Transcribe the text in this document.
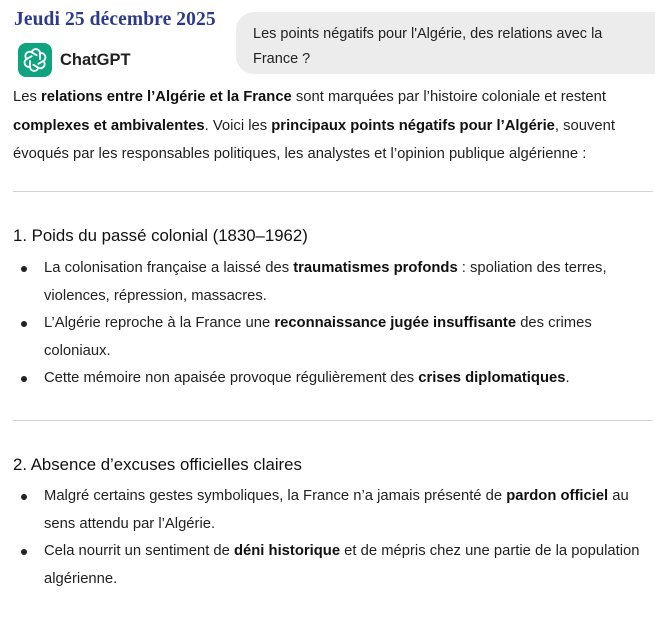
Jeudi 25 décembre 2025
ChatGPT
Les points négatifs pour l'Algérie, des relations avec la France ?

Les relations entre l’Algérie et la France sont marquées par l’histoire coloniale et restent complexes et ambivalentes. Voici les principaux points négatifs pour l’Algérie, souvent évoqués par les responsables politiques, les analystes et l’opinion publique algérienne :

1. Poids du passé colonial (1830–1962)
La colonisation française a laissé des traumatismes profonds : spoliation des terres, violences, répression, massacres.
L’Algérie reproche à la France une reconnaissance jugée insuffisante des crimes coloniaux.
Cette mémoire non apaisée provoque régulièrement des crises diplomatiques.
2. Absence d’excuses officielles claires
Malgré certains gestes symboliques, la France n’a jamais présenté de pardon officiel au sens attendu par l’Algérie.
Cela nourrit un sentiment de déni historique et de mépris chez une partie de la population algérienne.
